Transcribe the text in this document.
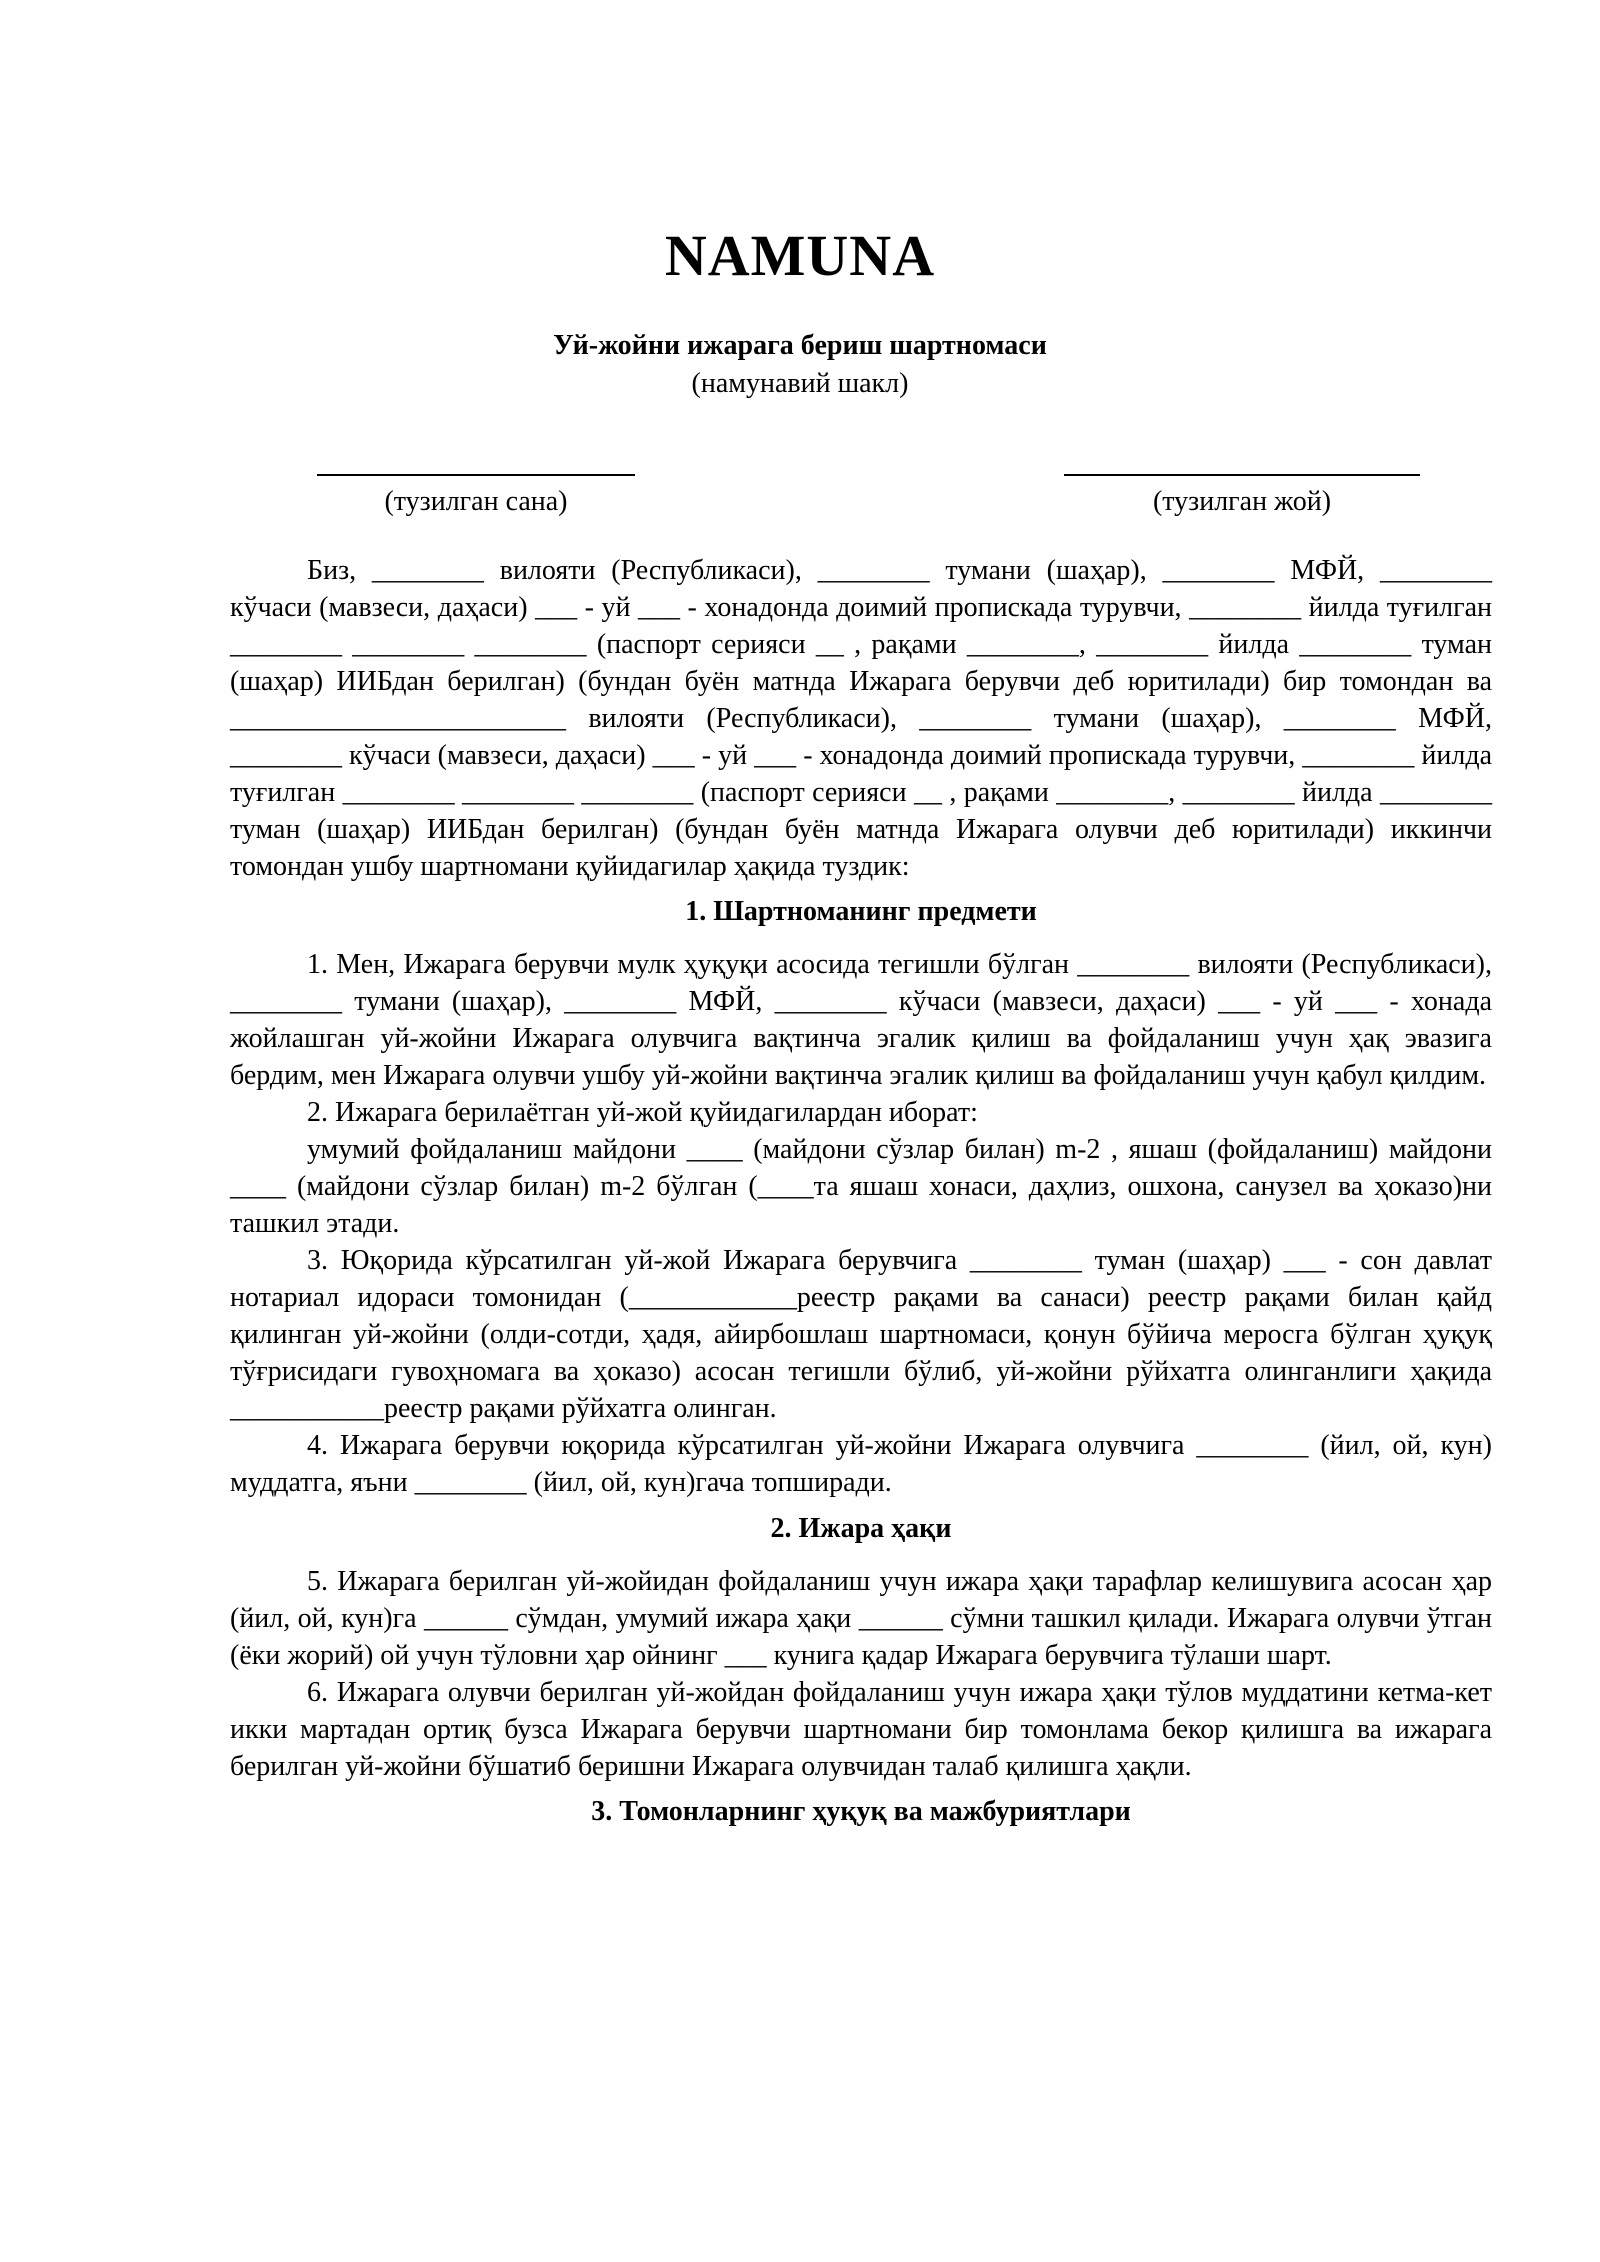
NAMUNA
Уй-жойни ижарага бериш шартномаси
(намунавий шакл)
(тузилган сана)	(тузилган жой)

Биз, ________ вилояти (Республикаси), ________ тумани (шаҳар), ________ МФЙ, ________ кўчаси (мавзеси, даҳаси) ___ - уй ___ - хонадонда доимий пропискада турувчи, ________ йилда туғилган ________ ________ ________ (паспорт серияси __ , рақами ________, ________ йилда ________ туман (шаҳар) ИИБдан берилган) (бундан буён матнда Ижарага берувчи деб юритилади) бир томондан ва ________________________ вилояти (Республикаси), ________ тумани (шаҳар), ________ МФЙ, ________ кўчаси (мавзеси, даҳаси) ___ - уй ___ - хонадонда доимий пропискада турувчи, ________ йилда туғилган ________ ________ ________ (паспорт серияси __ , рақами ________, ________ йилда ________ туман (шаҳар) ИИБдан берилган) (бундан буён матнда Ижарага олувчи деб юритилади) иккинчи томондан ушбу шартномани қуйидагилар ҳақида туздик:

1. Шартноманинг предмети

1. Мен, Ижарага берувчи мулк ҳуқуқи асосида тегишли бўлган ________ вилояти (Республикаси), ________ тумани (шаҳар), ________ МФЙ, ________ кўчаси (мавзеси, даҳаси) ___ - уй ___ - хонада жойлашган уй-жойни Ижарага олувчига вақтинча эгалик қилиш ва фойдаланиш учун ҳақ эвазига бердим, мен Ижарага олувчи ушбу уй-жойни вақтинча эгалик қилиш ва фойдаланиш учун қабул қилдим.

2. Ижарага берилаётган уй-жой қуйидагилардан иборат:

умумий фойдаланиш майдони ____ (майдони сўзлар билан) m-2 , яшаш (фойдаланиш) майдони ____ (майдони сўзлар билан) m-2 бўлган (____та яшаш хонаси, даҳлиз, ошхона, санузел ва ҳоказо)ни ташкил этади.

3. Юқорида кўрсатилган уй-жой Ижарага берувчига ________ туман (шаҳар) ___ - сон давлат нотариал идораси томонидан (____________реестр рақами ва санаси) реестр рақами билан қайд қилинган уй-жойни (олди-сотди, ҳадя, айирбошлаш шартномаси, қонун бўйича меросга бўлган ҳуқуқ тўғрисидаги гувоҳномага ва ҳоказо) асосан тегишли бўлиб, уй-жойни рўйхатга олинганлиги ҳақида ___________реестр рақами рўйхатга олинган.

4. Ижарага берувчи юқорида кўрсатилган уй-жойни Ижарага олувчига ________ (йил, ой, кун) муддатга, яъни ________ (йил, ой, кун)гача топширади.

2. Ижара ҳақи

5. Ижарага берилган уй-жойидан фойдаланиш учун ижара ҳақи тарафлар келишувига асосан ҳар (йил, ой, кун)га ______ сўмдан, умумий ижара ҳақи ______ сўмни ташкил қилади. Ижарага олувчи ўтган (ёки жорий) ой учун тўловни ҳар ойнинг ___ кунига қадар Ижарага берувчига тўлаши шарт.

6. Ижарага олувчи берилган уй-жойдан фойдаланиш учун ижара ҳақи тўлов муддатини кетма-кет икки мартадан ортиқ бузса Ижарага берувчи шартномани бир томонлама бекор қилишга ва ижарага берилган уй-жойни бўшатиб беришни Ижарага олувчидан талаб қилишга ҳақли.

3. Томонларнинг ҳуқуқ ва мажбуриятлари
